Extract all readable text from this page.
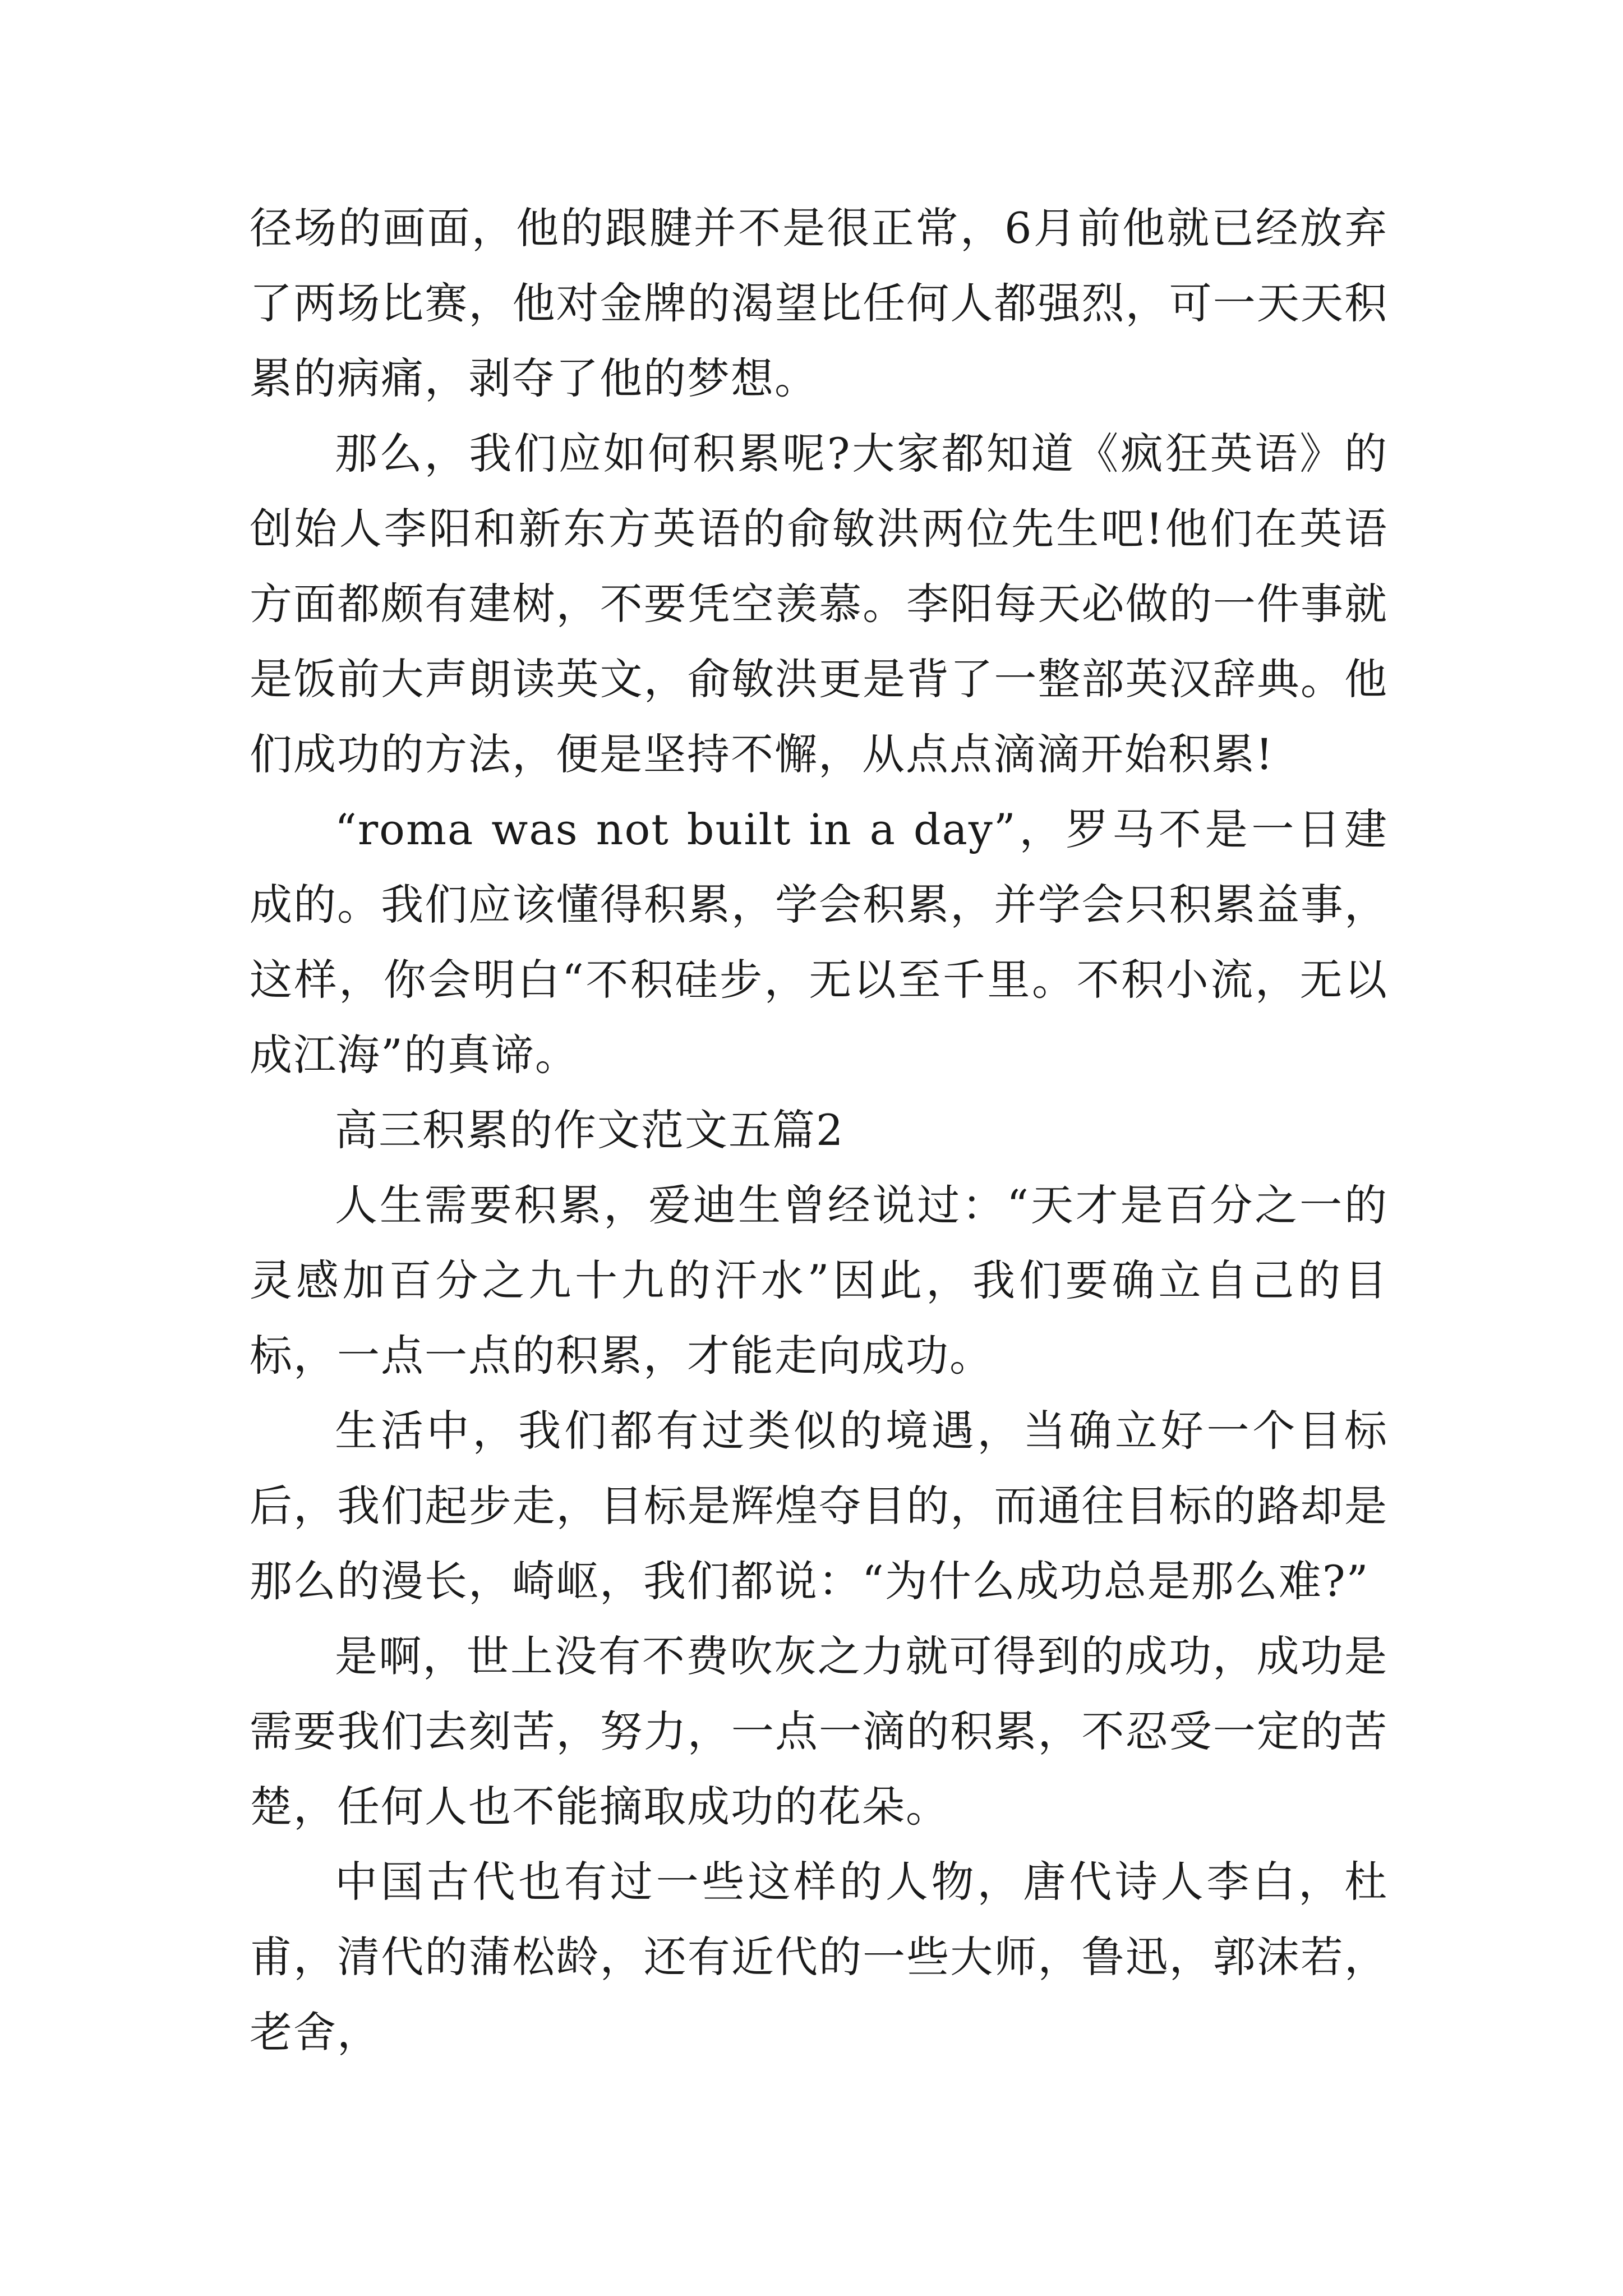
径场的画面，他的跟腱并不是很正常，6月前他就已经放弃了两场比赛，他对金牌的渴望比任何人都强烈，可一天天积累的病痛，剥夺了他的梦想。

那么，我们应如何积累呢?大家都知道《疯狂英语》的创始人李阳和新东方英语的俞敏洪两位先生吧!他们在英语方面都颇有建树，不要凭空羡慕。李阳每天必做的一件事就是饭前大声朗读英文，俞敏洪更是背了一整部英汉辞典。他们成功的方法，便是坚持不懈，从点点滴滴开始积累!

“roma was not built in a day”，罗马不是一日建成的。我们应该懂得积累，学会积累，并学会只积累益事，这样，你会明白“不积硅步，无以至千里。不积小流，无以成江海”的真谛。

高三积累的作文范文五篇2

人生需要积累，爱迪生曾经说过：“天才是百分之一的灵感加百分之九十九的汗水”因此，我们要确立自己的目标，一点一点的积累，才能走向成功。

生活中，我们都有过类似的境遇，当确立好一个目标后，我们起步走，目标是辉煌夺目的，而通往目标的路却是那么的漫长，崎岖，我们都说：“为什么成功总是那么难?”

是啊，世上没有不费吹灰之力就可得到的成功，成功是需要我们去刻苦，努力，一点一滴的积累，不忍受一定的苦楚，任何人也不能摘取成功的花朵。

中国古代也有过一些这样的人物，唐代诗人李白，杜甫，清代的蒲松龄，还有近代的一些大师，鲁迅，郭沫若，老舍，
